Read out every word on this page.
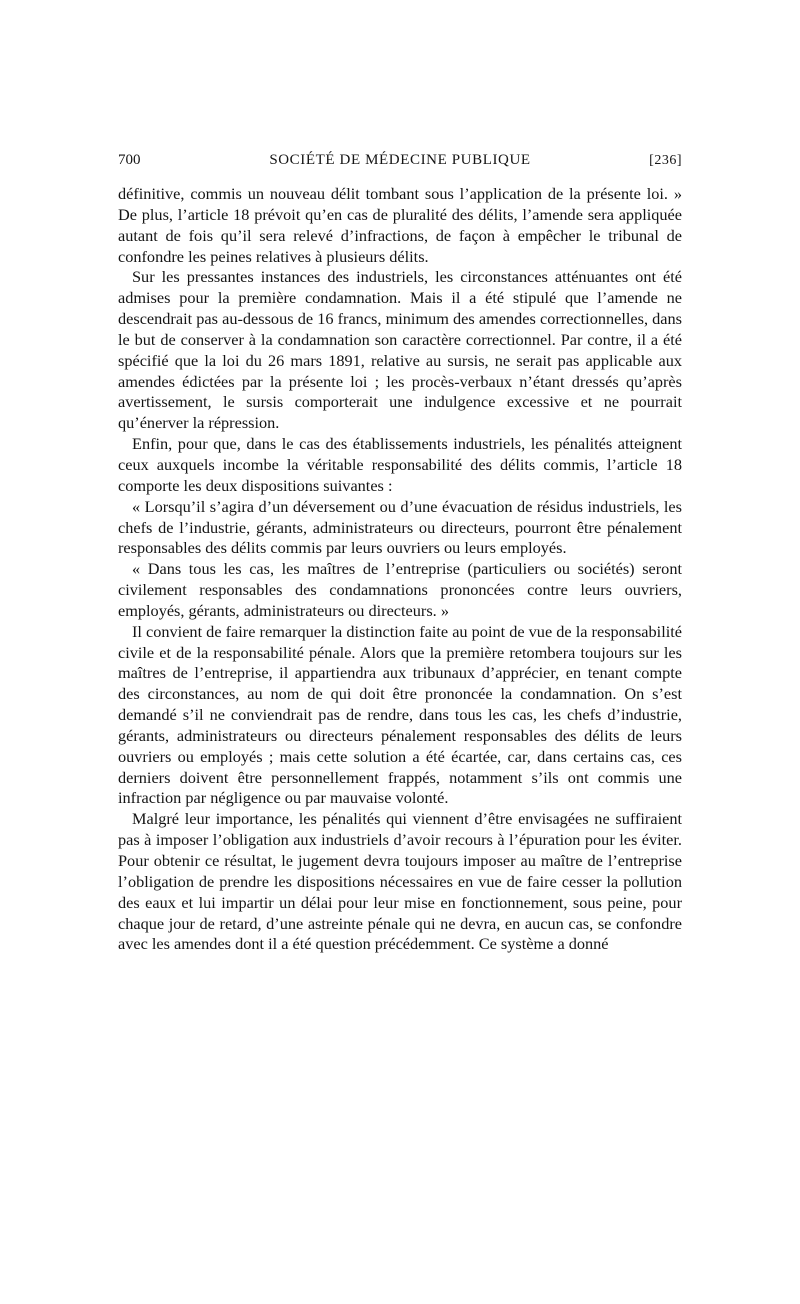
700	SOCIÉTÉ DE MÉDECINE PUBLIQUE	[236]

définitive, commis un nouveau délit tombant sous l’application de la présente loi. » De plus, l’article 18 prévoit qu’en cas de pluralité des délits, l’amende sera appliquée autant de fois qu’il sera relevé d’infractions, de façon à empêcher le tribunal de confondre les peines relatives à plusieurs délits.

Sur les pressantes instances des industriels, les circonstances atténuantes ont été admises pour la première condamnation. Mais il a été stipulé que l’amende ne descendrait pas au-dessous de 16 francs, minimum des amendes correctionnelles, dans le but de conserver à la condamnation son caractère correctionnel. Par contre, il a été spécifié que la loi du 26 mars 1891, relative au sursis, ne serait pas applicable aux amendes édictées par la présente loi ; les procès-verbaux n’étant dressés qu’après avertissement, le sursis comporterait une indulgence excessive et ne pourrait qu’énerver la répression.

Enfin, pour que, dans le cas des établissements industriels, les pénalités atteignent ceux auxquels incombe la véritable responsabilité des délits commis, l’article 18 comporte les deux dispositions suivantes :

« Lorsqu’il s’agira d’un déversement ou d’une évacuation de résidus industriels, les chefs de l’industrie, gérants, administrateurs ou directeurs, pourront être pénalement responsables des délits commis par leurs ouvriers ou leurs employés.

« Dans tous les cas, les maîtres de l’entreprise (particuliers ou sociétés) seront civilement responsables des condamnations prononcées contre leurs ouvriers, employés, gérants, administrateurs ou directeurs. »

Il convient de faire remarquer la distinction faite au point de vue de la responsabilité civile et de la responsabilité pénale. Alors que la première retombera toujours sur les maîtres de l’entreprise, il appartiendra aux tribunaux d’apprécier, en tenant compte des circonstances, au nom de qui doit être prononcée la condamnation. On s’est demandé s’il ne conviendrait pas de rendre, dans tous les cas, les chefs d’industrie, gérants, administrateurs ou directeurs pénalement responsables des délits de leurs ouvriers ou employés ; mais cette solution a été écartée, car, dans certains cas, ces derniers doivent être personnellement frappés, notamment s’ils ont commis une infraction par négligence ou par mauvaise volonté.

Malgré leur importance, les pénalités qui viennent d’être envisagées ne suffiraient pas à imposer l’obligation aux industriels d’avoir recours à l’épuration pour les éviter. Pour obtenir ce résultat, le jugement devra toujours imposer au maître de l’entreprise l’obligation de prendre les dispositions nécessaires en vue de faire cesser la pollution des eaux et lui impartir un délai pour leur mise en fonctionnement, sous peine, pour chaque jour de retard, d’une astreinte pénale qui ne devra, en aucun cas, se confondre avec les amendes dont il a été question précédemment. Ce système a donné
